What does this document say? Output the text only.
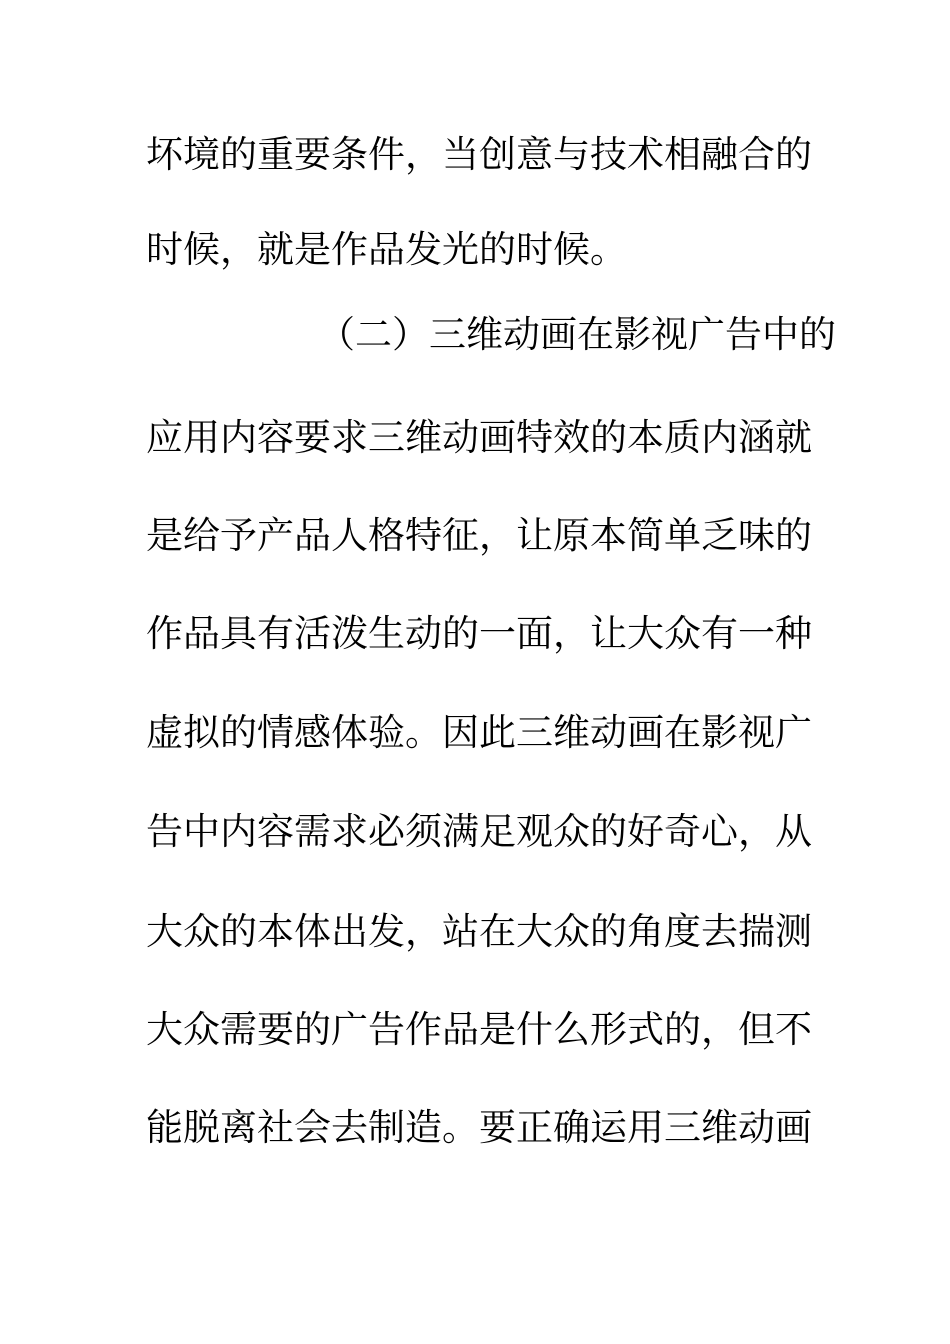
坏境的重要条件，当创意与技术相融合的
时候，就是作品发光的时候。
（二）三维动画在影视广告中的
应用内容要求三维动画特效的本质内涵就
是给予产品人格特征，让原本简单乏味的
作品具有活泼生动的一面，让大众有一种
虚拟的情感体验。因此三维动画在影视广
告中内容需求必须满足观众的好奇心，从
大众的本体出发，站在大众的角度去揣测
大众需要的广告作品是什么形式的，但不
能脱离社会去制造。要正确运用三维动画
